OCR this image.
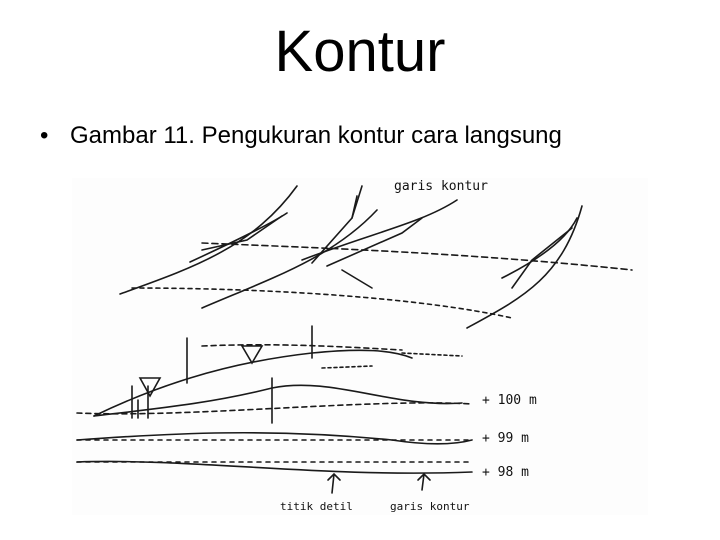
Kontur
• Gambar 11. Pengukuran kontur cara langsung
garis kontur
+ 100 m
+ 99 m
+ 98 m
titik detil	garis kontur
